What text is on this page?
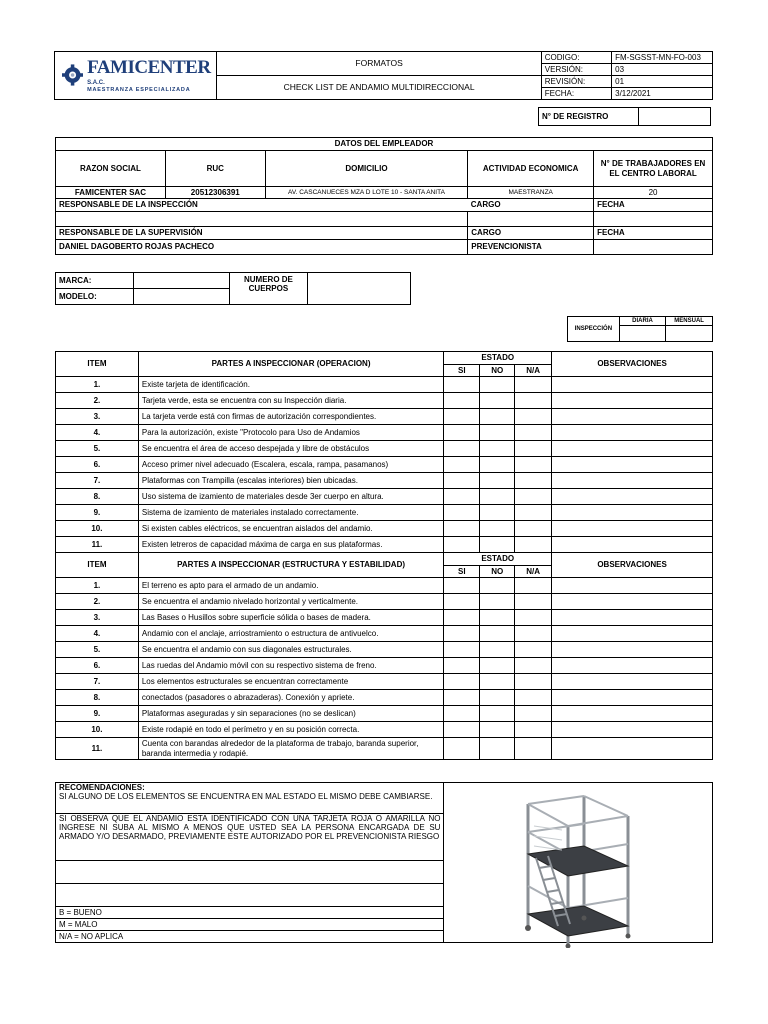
FAMICENTER S.A.C.
MAESTRANZA ESPECIALIZADA	FORMATOS	CODIGO:	FM-SGSST-MN-FO-003
		VERSIÓN:	03
	CHECK LIST DE ANDAMIO MULTIDIRECCIONAL	REVISIÓN:	01
		FECHA:	3/12/2021
N° DE REGISTRO	
DATOS DEL EMPLEADOR				
RAZON SOCIAL	RUC	DOMICILIO	ACTIVIDAD ECONOMICA	N° DE TRABAJADORES EN EL CENTRO LABORAL
FAMICENTER SAC	20512306391	AV. CASCANUECES MZA D LOTE 10 - SANTA ANITA	MAESTRANZA	20
RESPONSABLE DE LA INSPECCIÓN			CARGO	FECHA

RESPONSABLE DE LA SUPERVISIÓN			CARGO	FECHA
DANIEL DAGOBERTO ROJAS PACHECO			PREVENCIONISTA	
MARCA:		NUMERO DE CUERPOS	
MODELO:			
INSPECCIÓN	DIARIA	MENSUAL

ITEM	PARTES A INSPECCIONAR (OPERACION)	ESTADO			OBSERVACIONES
		SI	NO	N/A	
1.	Existe tarjeta de identificación.				
2.	Tarjeta verde, esta se encuentra con su Inspección diaria.				
3.	La tarjeta verde está con firmas de autorización correspondientes.				
4.	Para la autorización, existe "Protocolo para Uso de Andamios				
5.	Se encuentra el área de acceso despejada y libre de obstáculos				
6.	Acceso primer nivel adecuado (Escalera, escala, rampa, pasamanos)				
7.	Plataformas con Trampilla (escalas interiores) bien ubicadas.				
8.	Uso sistema de izamiento de materiales desde 3er cuerpo en altura.				
9.	Sistema de izamiento de materiales instalado correctamente.				
10.	Si existen cables eléctricos, se encuentran aislados del andamio.				
11.	Existen letreros de capacidad máxima de carga en sus plataformas.				
ITEM	PARTES A INSPECCIONAR (ESTRUCTURA Y ESTABILIDAD)	ESTADO			OBSERVACIONES
		SI	NO	N/A	
1.	El terreno es apto para el armado de un andamio.				
2.	Se encuentra el andamio nivelado horizontal y verticalmente.				
3.	Las Bases o Husillos sobre superficie sólida o bases de madera.				
4.	Andamio con el anclaje, arriostramiento o estructura de antivuelco.				
5.	Se encuentra el andamio con sus diagonales estructurales.				
6.	Las ruedas del Andamio móvil con su respectivo sistema de freno.				
7.	Los elementos estructurales se encuentran correctamente				
8.	conectados (pasadores o abrazaderas). Conexión y apriete.				
9.	Plataformas aseguradas y sin separaciones (no se deslican)				
10.	Existe rodapié en todo el perímetro y en su posición correcta.				
11.	Cuenta con barandas alrededor de la plataforma de trabajo, baranda superior, baranda intermedia y rodapié.				
RECOMENDACIONES:
SI ALGUNO DE LOS ELEMENTOS SE ENCUENTRA EN MAL ESTADO EL MISMO DEBE CAMBIARSE.

SI OBSERVA QUE EL ANDAMIO ESTA IDENTIFICADO CON UNA TARJETA ROJA O AMARILLA NO INGRESE NI SUBA AL MISMO A MENOS QUE USTED SEA LA PERSONA ENCARGADA DE SU ARMADO Y/O DESARMADO, PREVIAMENTE ESTE AUTORIZADO POR EL PREVENCIONISTA RIESGO

B = BUENO
M = MALO
N/A = NO APLICA
